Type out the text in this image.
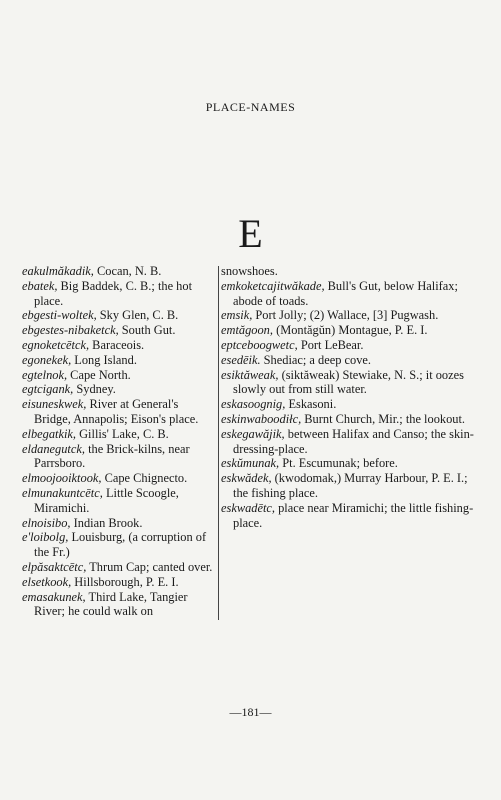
PLACE-NAMES
E
eakulmăkadik, Cocan, N. B.
ebatek, Big Baddek, C. B.; the hot place.
ebgesti-woltek, Sky Glen, C. B.
ebgestes-nibaketck, South Gut.
egnoketcētck, Baraceois.
egonekek, Long Island.
egtelnok, Cape North.
egtcigank, Sydney.
eisuneskwek, River at General's Bridge, Annapolis; Eison's place.
elbegatkik, Gillis' Lake, C. B.
eldanegutck, the Brick-kilns, near Parrsboro.
elmoojooiktook, Cape Chignecto.
elmunakuntcētc, Little Scoogle, Miramichi.
elnoisibo, Indian Brook.
e'loibolg, Louisburg, (a corruption of the Fr.)
elpăsaktcētc, Thrum Cap; canted over.
elsetkook, Hillsborough, P. E. I.
emasakunek, Third Lake, Tangier River; he could walk on
snowshoes.
emkoketcajitwăkade, Bull's Gut, below Halifax; abode of toads.
emsik, Port Jolly; (2) Wallace, [3] Pugwash.
emtăgoon, (Montăgŭn) Montague, P. E. I.
eptceboogwetc, Port LeBear.
esedēik. Shediac; a deep cove.
esiktăweak, (siktăweak) Stewiake, N. S.; it oozes slowly out from still water.
eskasoognig, Eskasoni.
eskinwaboodiłc, Burnt Church, Mir.; the lookout.
eskegawăjik, between Halifax and Canso; the skin-dressing-place.
eskŭmunak, Pt. Escumunak; before.
eskwădek, (kwodomak,) Murray Harbour, P. E. I.; the fishing place.
eskwadētc, place near Miramichi; the little fishing-place.
—181—
